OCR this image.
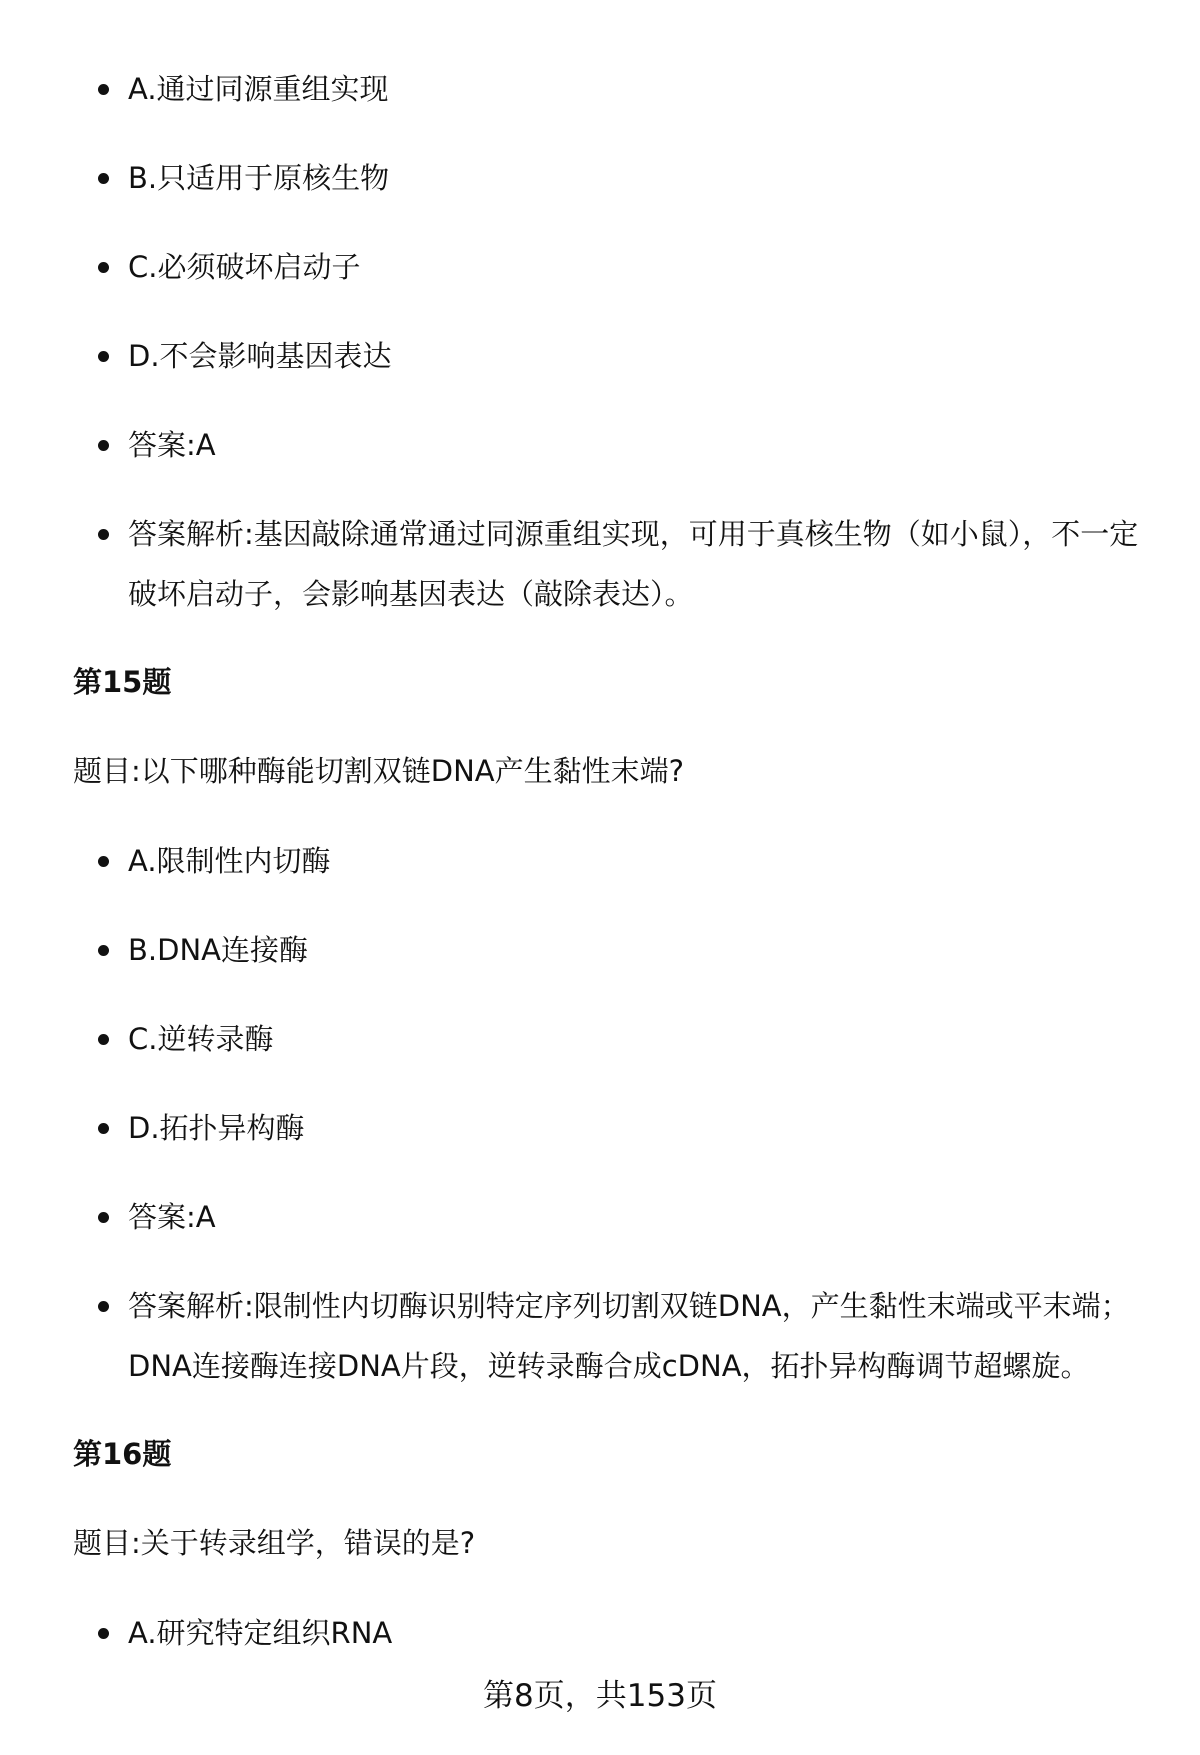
A.通过同源重组实现
B.只适用于原核生物
C.必须破坏启动子
D.不会影响基因表达
答案:A
答案解析:基因敲除通常通过同源重组实现，可用于真核生物（如小鼠），不一定破坏启动子，会影响基因表达（敲除表达）。
第15题
题目:以下哪种酶能切割双链DNA产生黏性末端?
A.限制性内切酶
B.DNA连接酶
C.逆转录酶
D.拓扑异构酶
答案:A
答案解析:限制性内切酶识别特定序列切割双链DNA，产生黏性末端或平末端；DNA连接酶连接DNA片段，逆转录酶合成cDNA，拓扑异构酶调节超螺旋。
第16题
题目:关于转录组学，错误的是?
A.研究特定组织RNA
第8页，共153页
